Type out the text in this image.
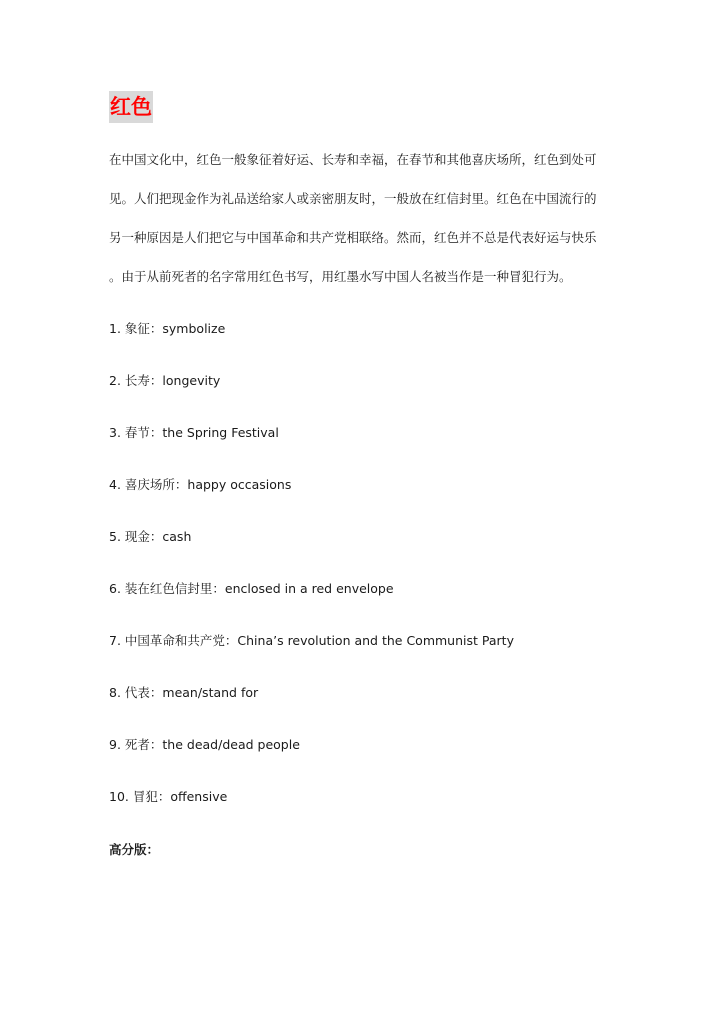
红色
在中国文化中，红色一般象征着好运、长寿和幸福，在春节和其他喜庆场所，红色到处可
见。人们把现金作为礼品送给家人或亲密朋友时，一般放在红信封里。红色在中国流行的
另一种原因是人们把它与中国革命和共产党相联络。然而，红色并不总是代表好运与快乐
。由于从前死者的名字常用红色书写，用红墨水写中国人名被当作是一种冒犯行为。
1. 象征：symbolize
2. 长寿：longevity
3. 春节：the Spring Festival
4. 喜庆场所：happy occasions
5. 现金：cash
6. 装在红色信封里：enclosed in a red envelope
7. 中国革命和共产党：China’s revolution and the Communist Party
8. 代表：mean/stand for
9. 死者：the dead/dead people
10. 冒犯：offensive
高分版：
